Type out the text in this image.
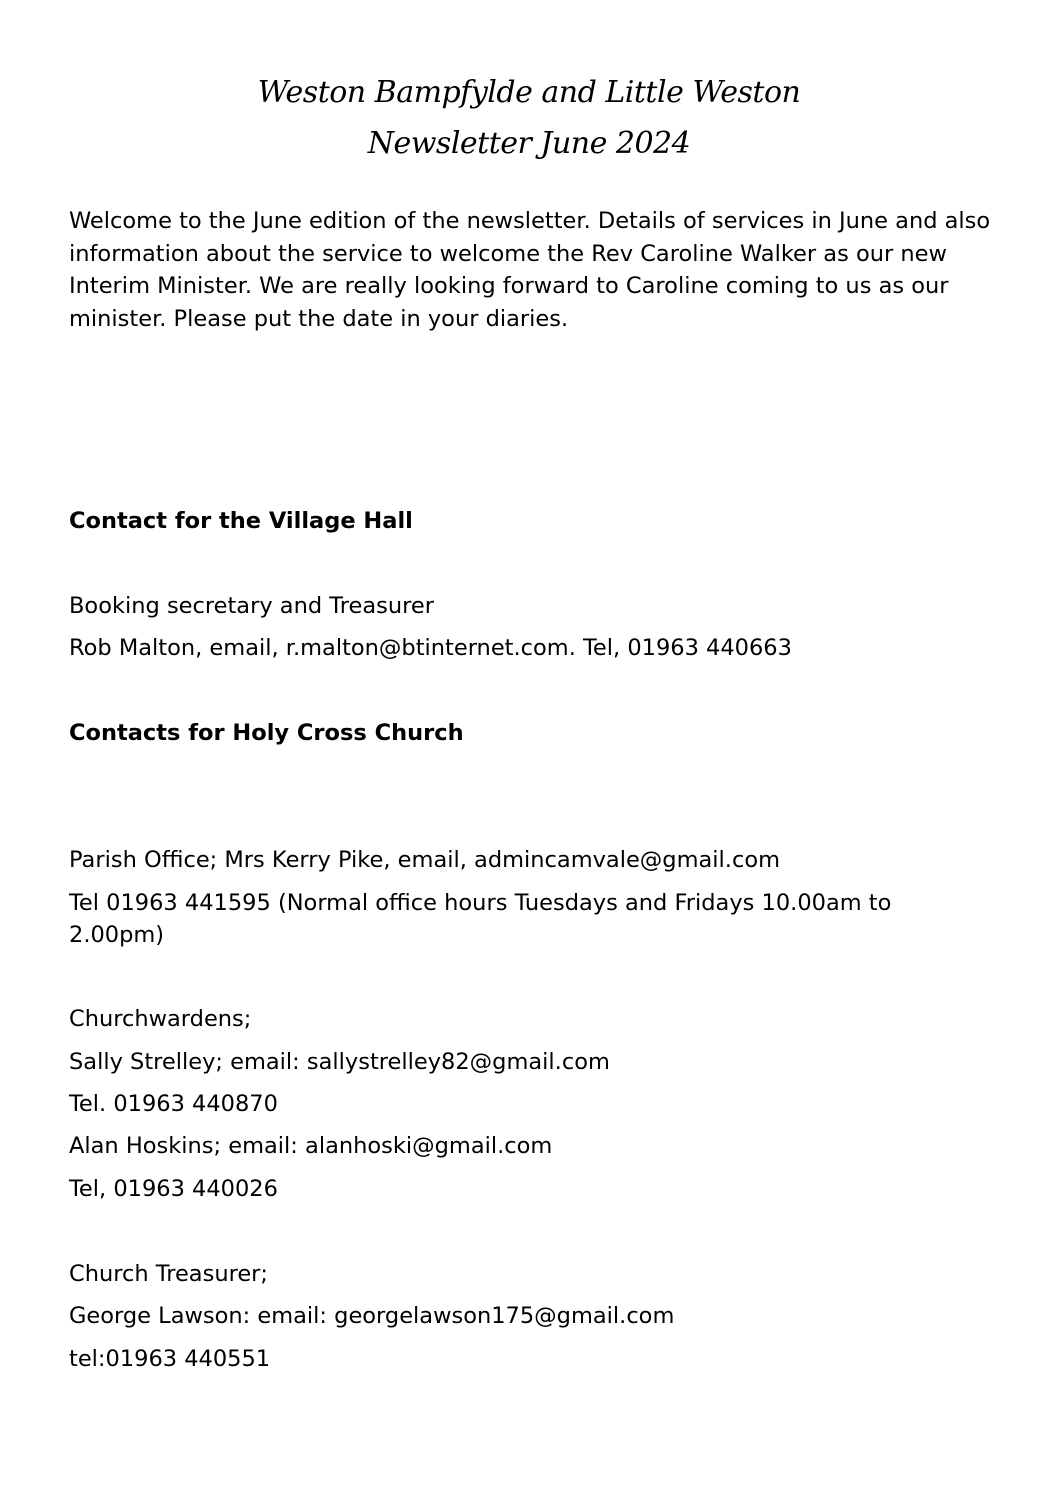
Weston Bampfylde and Little Weston
Newsletter June 2024

Welcome to the June edition of the newsletter. Details of services in June and also information about the service to welcome the Rev Caroline Walker as our new Interim Minister. We are really looking forward to Caroline coming to us as our minister. Please put the date in your diaries.

Contact for the Village Hall
Booking secretary and Treasurer
Rob Malton, email, r.malton@btinternet.com. Tel, 01963 440663
Contacts for Holy Cross Church
Parish Office; Mrs Kerry Pike, email, admincamvale@gmail.com

Tel 01963 441595 (Normal office hours Tuesdays and Fridays 10.00am to 2.00pm)

Churchwardens;
Sally Strelley; email: sallystrelley82@gmail.com
Tel. 01963 440870
Alan Hoskins; email: alanhoski@gmail.com
Tel, 01963 440026
Church Treasurer;
George Lawson: email: georgelawson175@gmail.com
tel:01963 440551
